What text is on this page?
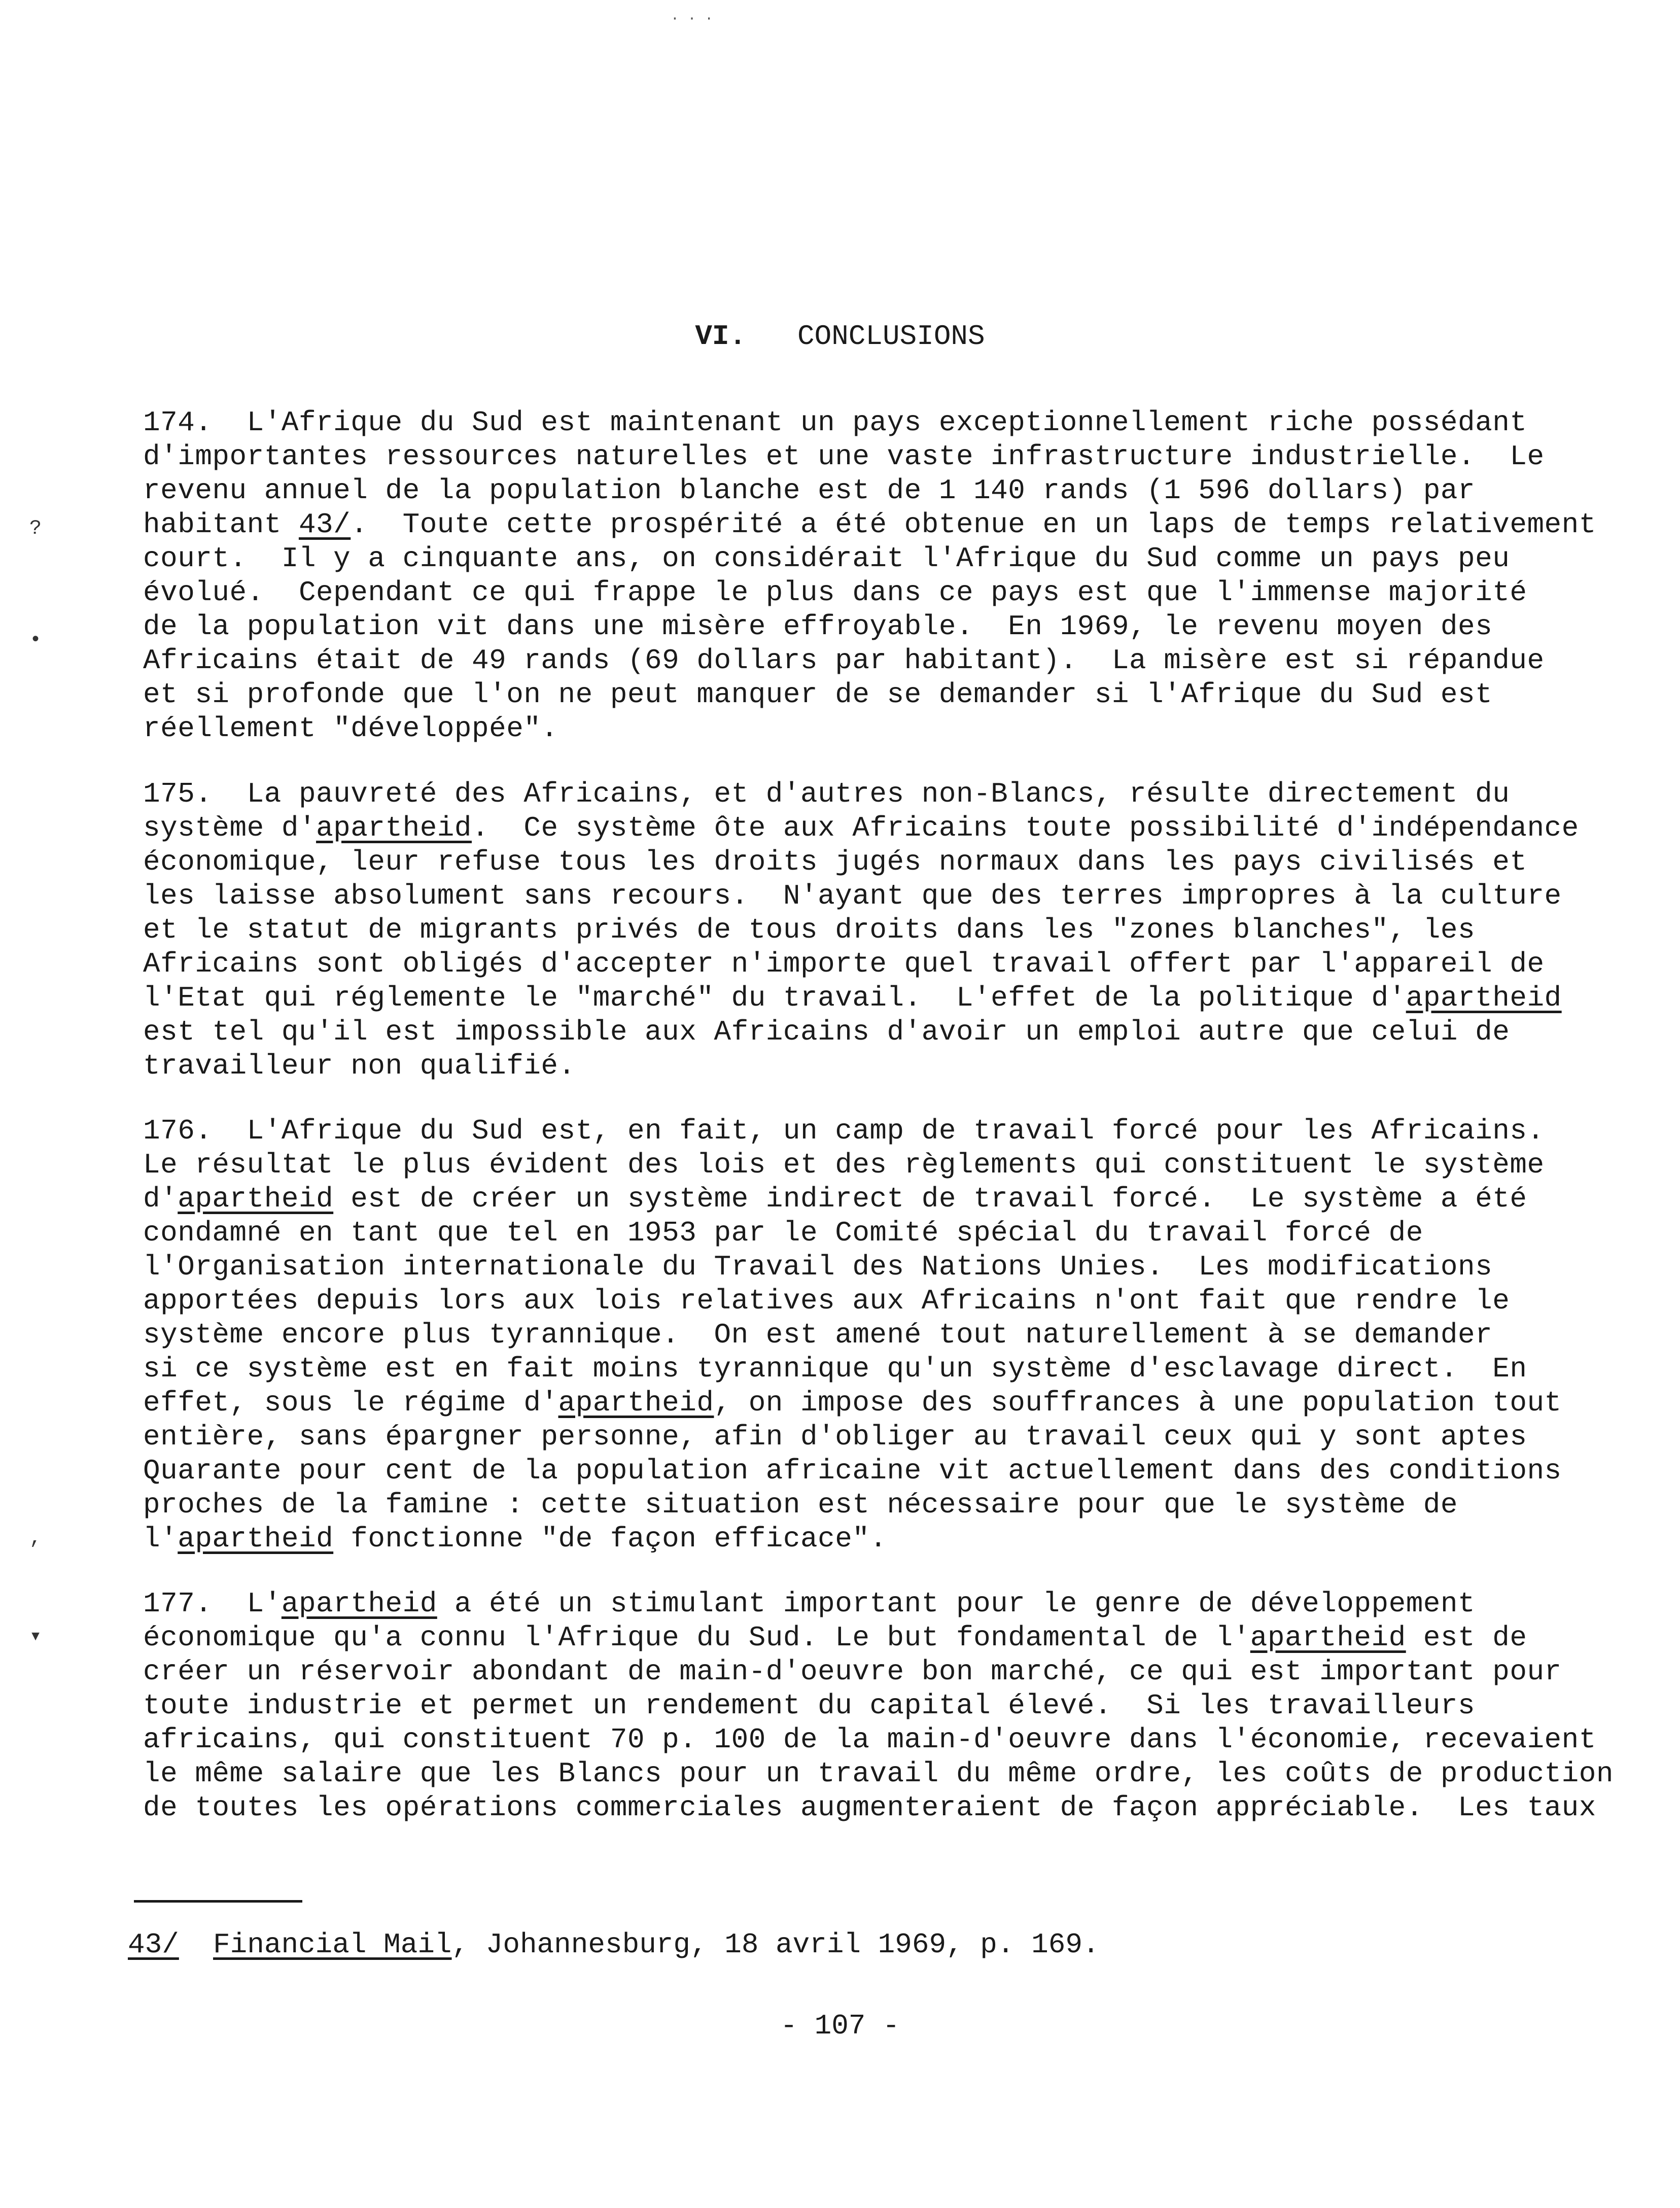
· · ·
VI. CONCLUSIONS
174.  L'Afrique du Sud est maintenant un pays exceptionnellement riche possédant
d'importantes ressources naturelles et une vaste infrastructure industrielle.  Le
revenu annuel de la population blanche est de 1 140 rands (1 596 dollars) par
habitant 43/.  Toute cette prospérité a été obtenue en un laps de temps relativement
court.  Il y a cinquante ans, on considérait l'Afrique du Sud comme un pays peu
évolué.  Cependant ce qui frappe le plus dans ce pays est que l'immense majorité
de la population vit dans une misère effroyable.  En 1969, le revenu moyen des
Africains était de 49 rands (69 dollars par habitant).  La misère est si répandue
et si profonde que l'on ne peut manquer de se demander si l'Afrique du Sud est
réellement "développée".
175.  La pauvreté des Africains, et d'autres non-Blancs, résulte directement du
système d'apartheid.  Ce système ôte aux Africains toute possibilité d'indépendance
économique, leur refuse tous les droits jugés normaux dans les pays civilisés et
les laisse absolument sans recours.  N'ayant que des terres impropres à la culture
et le statut de migrants privés de tous droits dans les "zones blanches", les
Africains sont obligés d'accepter n'importe quel travail offert par l'appareil de
l'Etat qui réglemente le "marché" du travail.  L'effet de la politique d'apartheid
est tel qu'il est impossible aux Africains d'avoir un emploi autre que celui de
travailleur non qualifié.
176.  L'Afrique du Sud est, en fait, un camp de travail forcé pour les Africains.
Le résultat le plus évident des lois et des règlements qui constituent le système
d'apartheid est de créer un système indirect de travail forcé.  Le système a été
condamné en tant que tel en 1953 par le Comité spécial du travail forcé de
l'Organisation internationale du Travail des Nations Unies.  Les modifications
apportées depuis lors aux lois relatives aux Africains n'ont fait que rendre le
système encore plus tyrannique.  On est amené tout naturellement à se demander
si ce système est en fait moins tyrannique qu'un système d'esclavage direct.  En
effet, sous le régime d'apartheid, on impose des souffrances à une population tout
entière, sans épargner personne, afin d'obliger au travail ceux qui y sont aptes
Quarante pour cent de la population africaine vit actuellement dans des conditions
proches de la famine : cette situation est nécessaire pour que le système de
l'apartheid fonctionne "de façon efficace".
177.  L'apartheid a été un stimulant important pour le genre de développement
économique qu'a connu l'Afrique du Sud. Le but fondamental de l'apartheid est de
créer un réservoir abondant de main-d'oeuvre bon marché, ce qui est important pour
toute industrie et permet un rendement du capital élevé.  Si les travailleurs
africains, qui constituent 70 p. 100 de la main-d'oeuvre dans l'économie, recevaient
le même salaire que les Blancs pour un travail du même ordre, les coûts de production
de toutes les opérations commerciales augmenteraient de façon appréciable.  Les taux
?
•
,
▾
43/ Financial Mail, Johannesburg, 18 avril 1969, p. 169.
- 107 -
